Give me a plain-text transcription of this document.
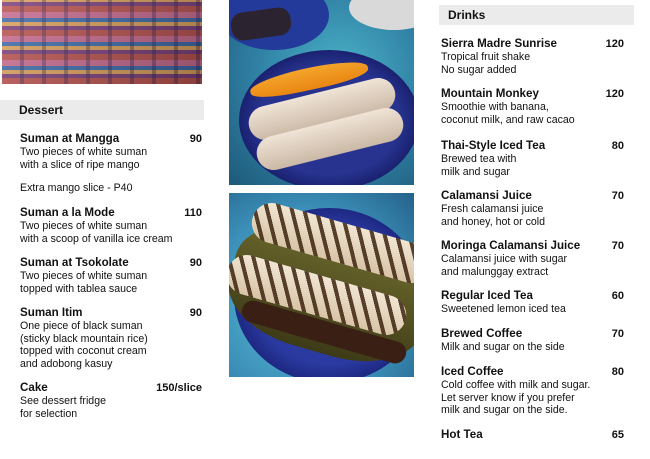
Dessert
Suman at Mangga	90
Two pieces of white suman
with a slice of ripe mango
Extra mango slice - P40
Suman a la Mode	110
Two pieces of white suman
with a scoop of vanilla ice cream
Suman at Tsokolate	90
Two pieces of white suman
topped with tablea sauce
Suman Itim	90
One piece of black suman
(sticky black mountain rice)
topped with coconut cream
and adobong kasuy
Cake	150/slice
See dessert fridge
for selection
Drinks
Sierra Madre Sunrise	120
Tropical fruit shake
No sugar added
Mountain Monkey	120
Smoothie with banana,
coconut milk, and raw cacao
Thai-Style Iced Tea	80
Brewed tea with
milk and sugar
Calamansi Juice	70
Fresh calamansi juice
and honey, hot or cold
Moringa Calamansi Juice	70
Calamansi juice with sugar
and malunggay extract
Regular Iced Tea	60
Sweetened lemon iced tea
Brewed Coffee	70
Milk and sugar on the side
Iced Coffee	80
Cold coffee with milk and sugar.
Let server know if you prefer
milk and sugar on the side.
Hot Tea	65
